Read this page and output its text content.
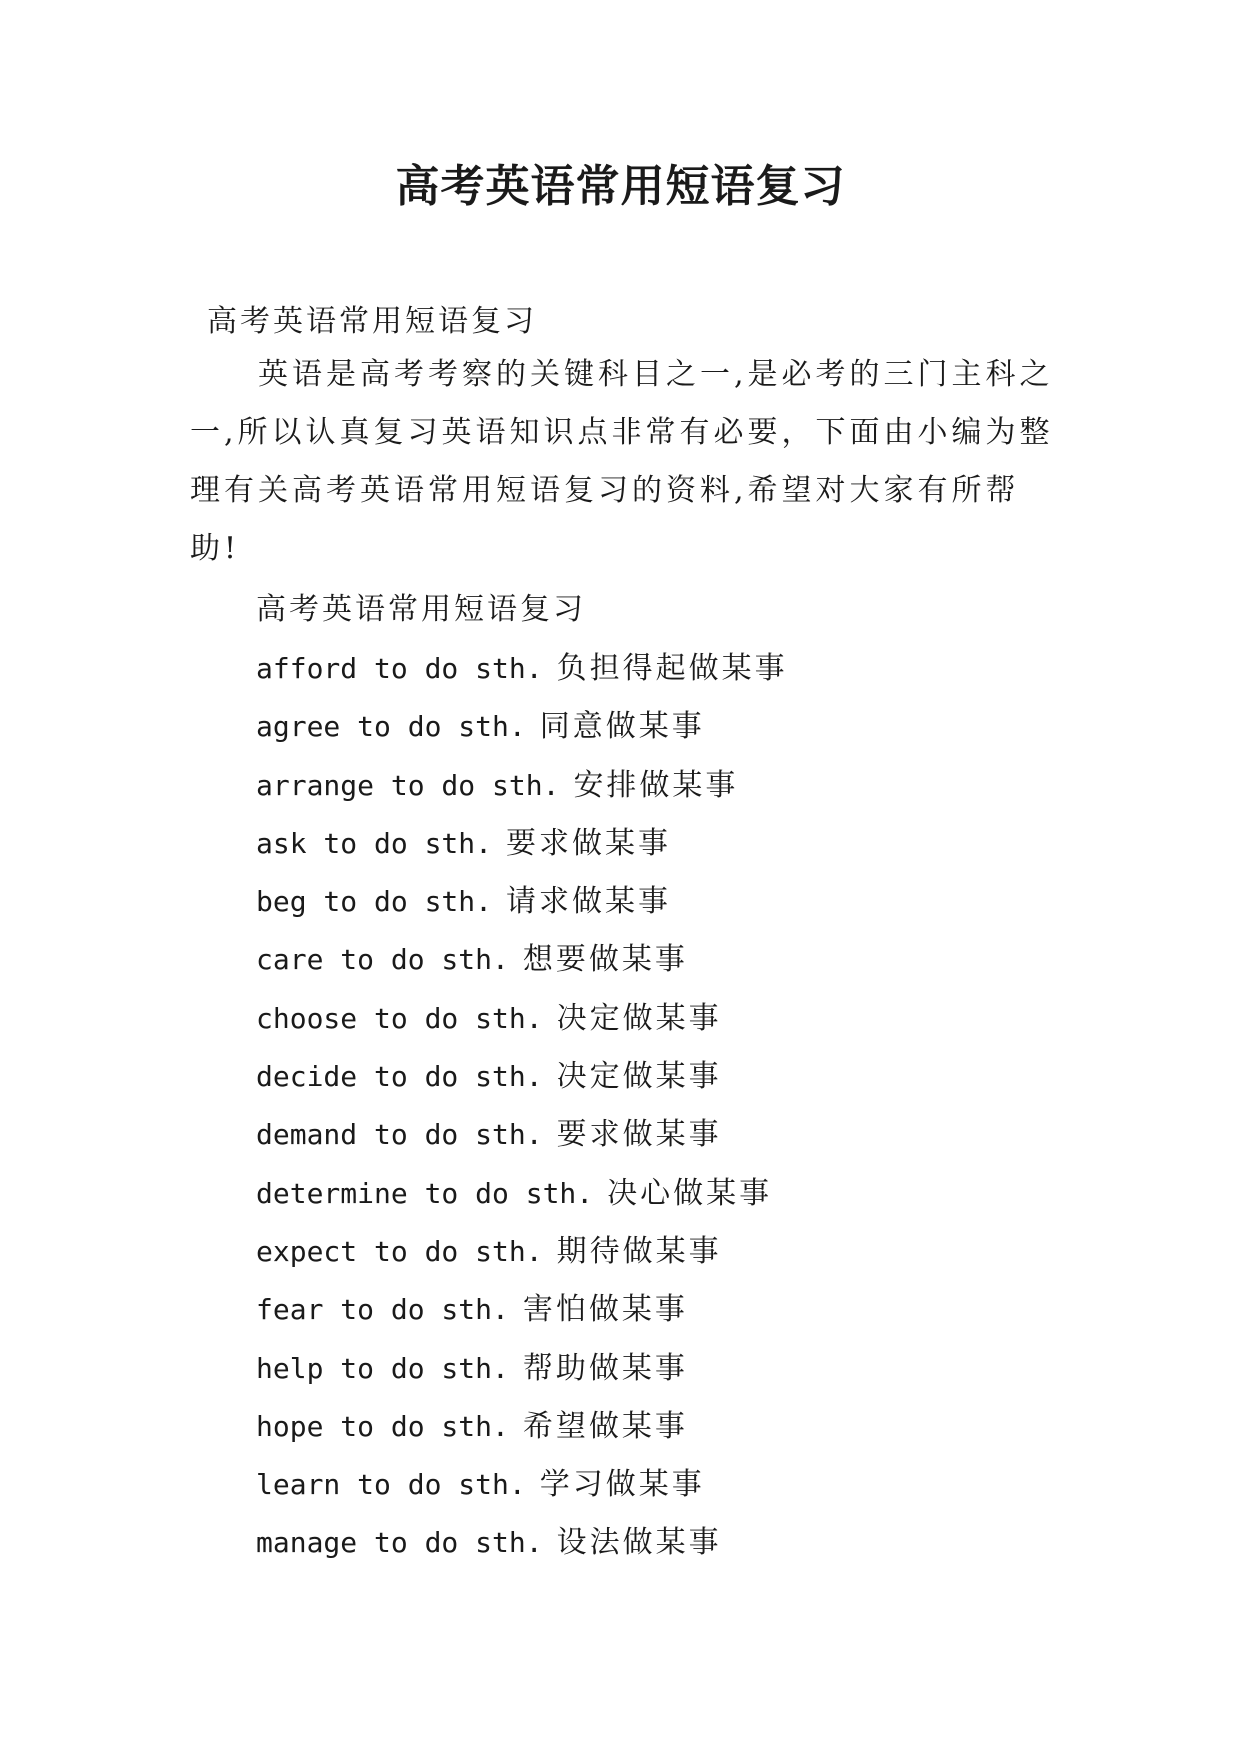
高考英语常用短语复习

高考英语常用短语复习

英语是高考考察的关键科目之一,是必考的三门主科之一,所以认真复习英语知识点非常有必要，下面由小编为整理有关高考英语常用短语复习的资料,希望对大家有所帮助!

高考英语常用短语复习

afford to do sth. 负担得起做某事
agree to do sth. 同意做某事
arrange to do sth. 安排做某事
ask to do sth. 要求做某事
beg to do sth. 请求做某事
care to do sth. 想要做某事
choose to do sth. 决定做某事
decide to do sth. 决定做某事
demand to do sth. 要求做某事
determine to do sth. 决心做某事
expect to do sth. 期待做某事
fear to do sth. 害怕做某事
help to do sth. 帮助做某事
hope to do sth. 希望做某事
learn to do sth. 学习做某事
manage to do sth. 设法做某事
